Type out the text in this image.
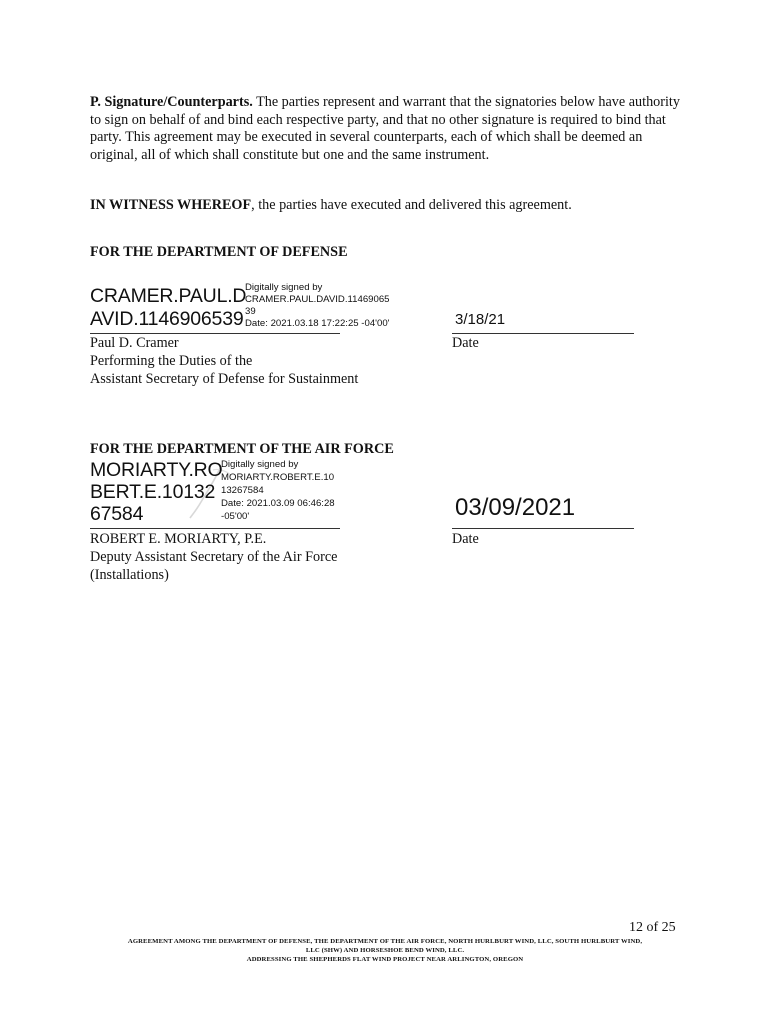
P. Signature/Counterparts. The parties represent and warrant that the signatories below have authority to sign on behalf of and bind each respective party, and that no other signature is required to bind that party. This agreement may be executed in several counterparts, each of which shall be deemed an original, all of which shall constitute but one and the same instrument.
IN WITNESS WHEREOF, the parties have executed and delivered this agreement.
FOR THE DEPARTMENT OF DEFENSE
CRAMER.PAUL.D
AVID.1146906539
Digitally signed by
CRAMER.PAUL.DAVID.11469065
39
Date: 2021.03.18 17:22:25 -04'00'	3/18/21
Paul D. Cramer
Performing the Duties of the
Assistant Secretary of Defense for Sustainment
Date
FOR THE DEPARTMENT OF THE AIR FORCE
MORIARTY.RO
BERT.E.10132
67584
Digitally signed by
MORIARTY.ROBERT.E.10
13267584
Date: 2021.03.09 06:46:28
-05'00'	03/09/2021
ROBERT E. MORIARTY, P.E.
Deputy Assistant Secretary of the Air Force
(Installations)
Date
12 of 25
AGREEMENT AMONG THE DEPARTMENT OF DEFENSE, THE DEPARTMENT OF THE AIR FORCE, NORTH HURLBURT WIND, LLC, SOUTH HURLBURT WIND,
LLC (SHW) AND HORSESHOE BEND WIND, LLC.
ADDRESSING THE SHEPHERDS FLAT WIND PROJECT NEAR ARLINGTON, OREGON
